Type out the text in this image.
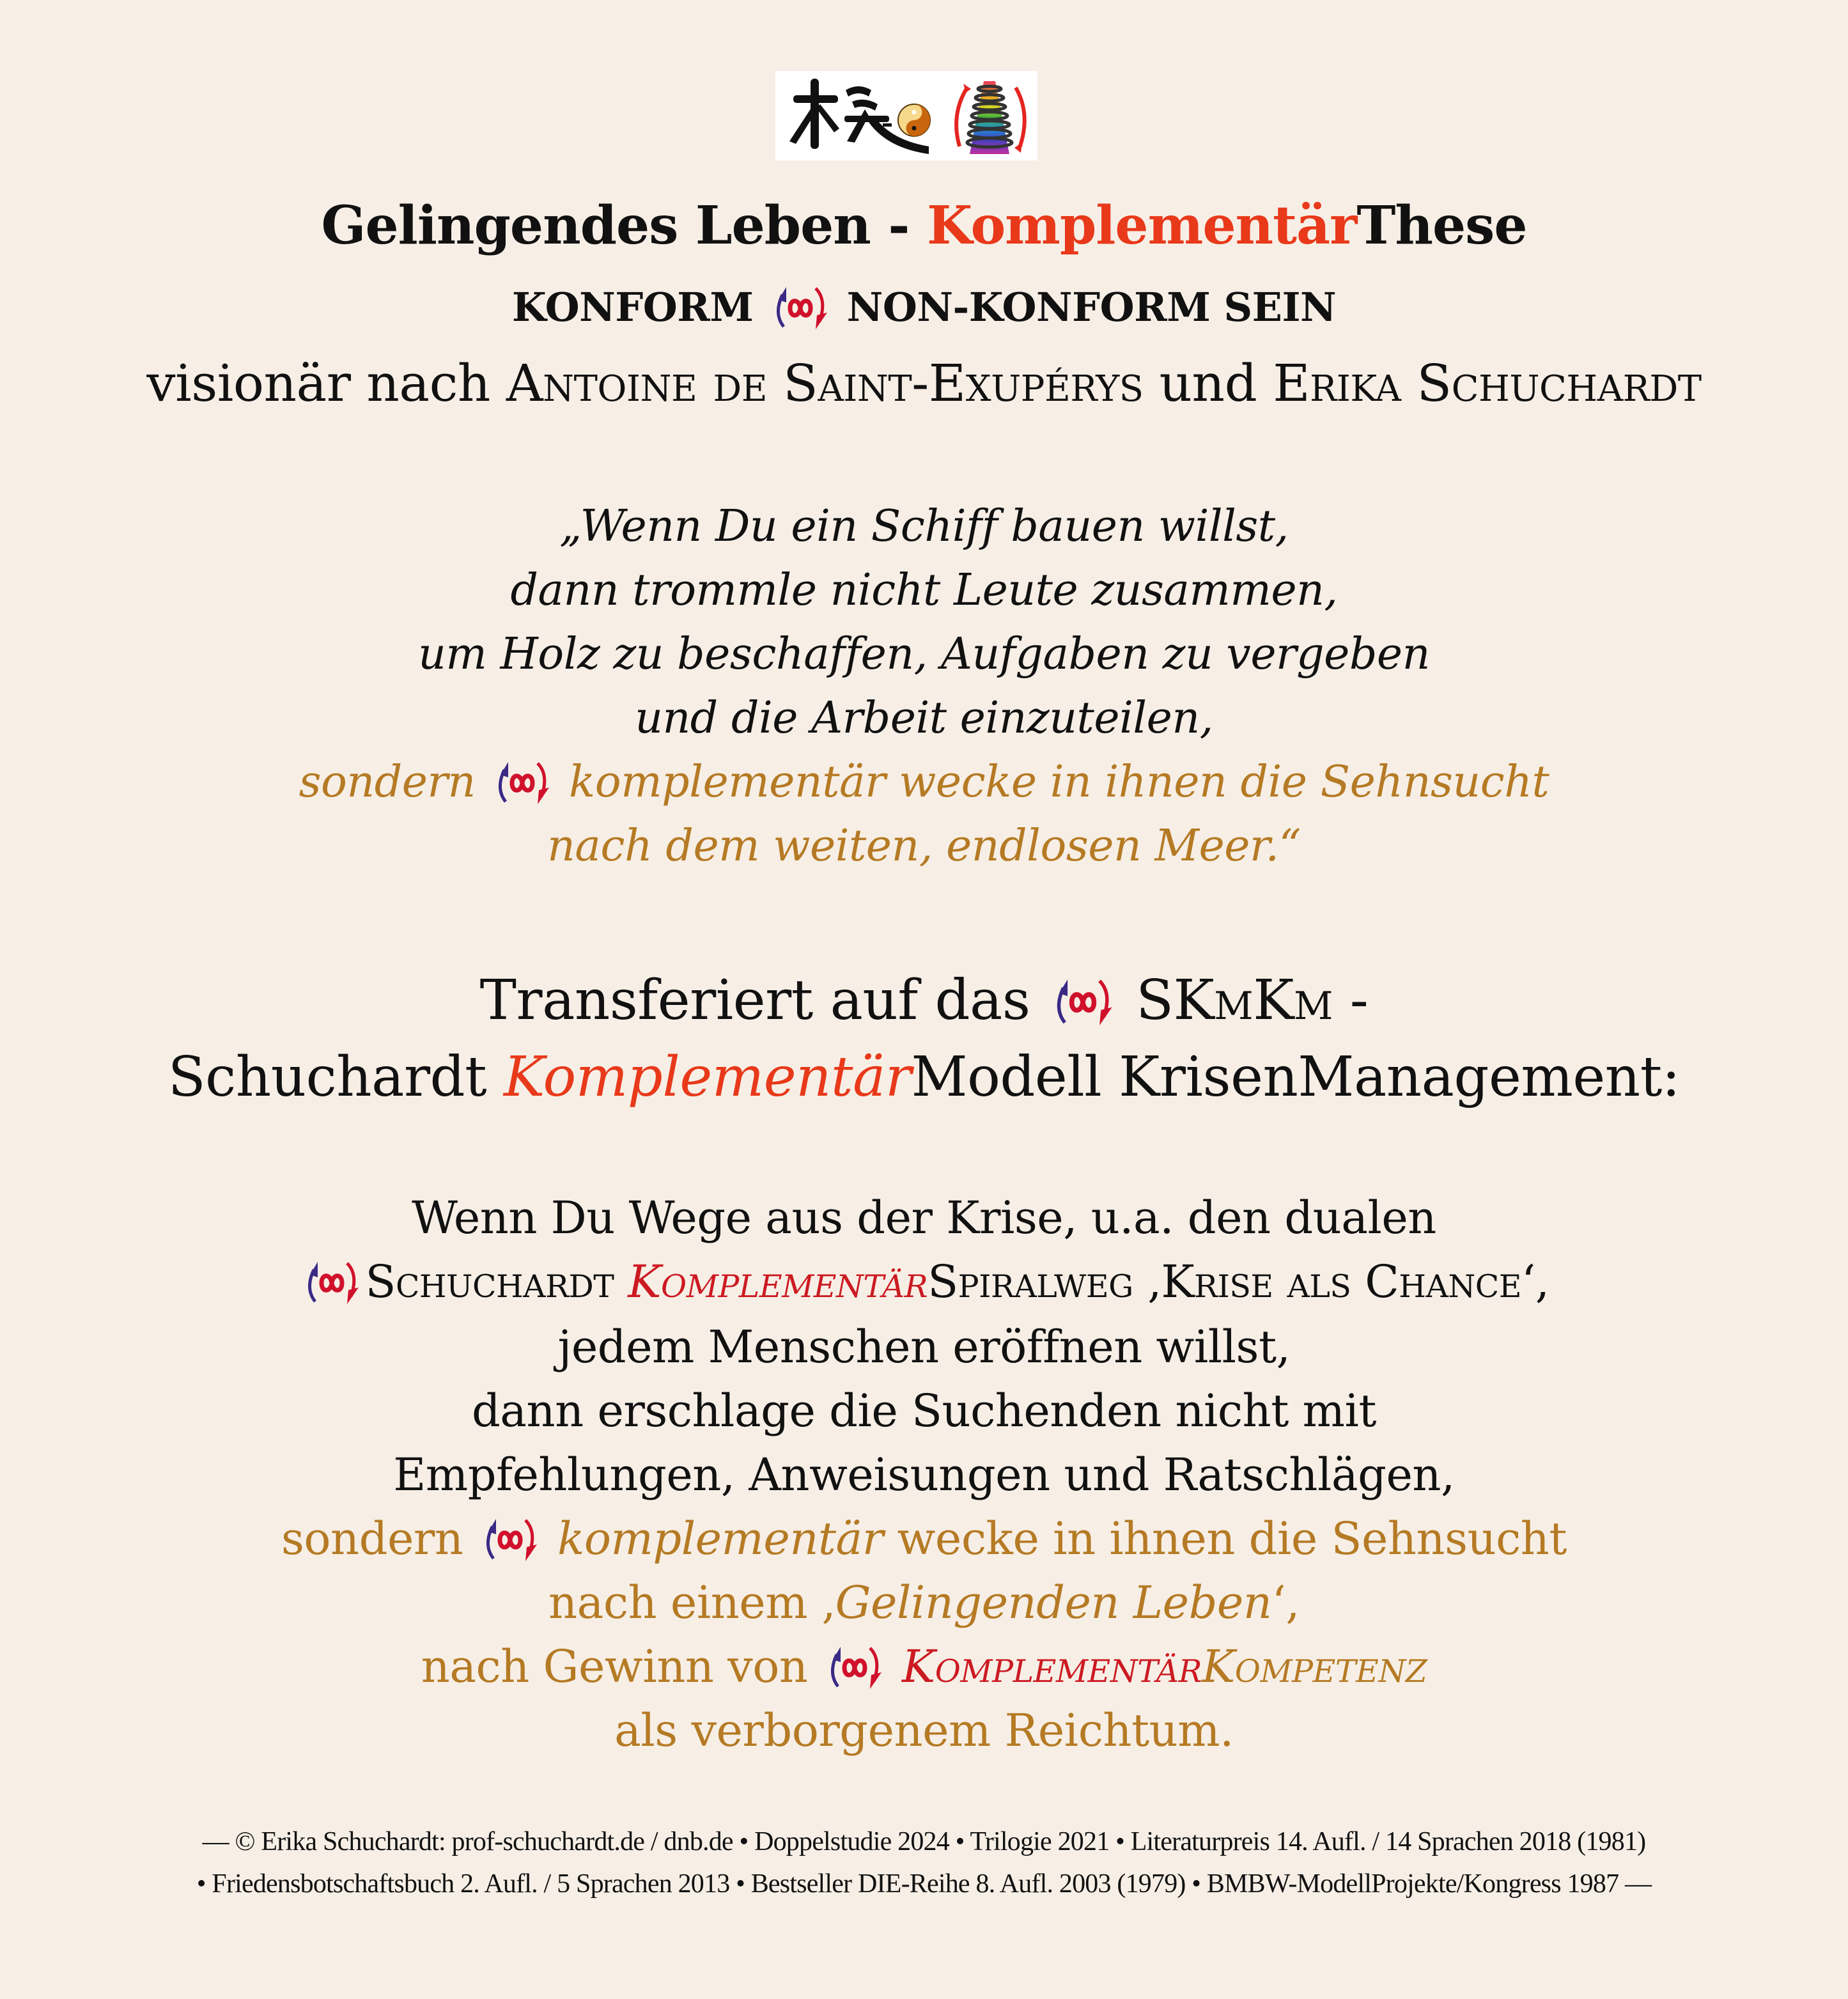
Gelingendes Leben - KomplementärThese
KONFORM NON-KONFORM SEIN
visionär nach Antoine de Saint-Exupérys und Erika Schuchardt
„Wenn Du ein Schiff bauen willst,
dann trommle nicht Leute zusammen,
um Holz zu beschaffen, Aufgaben zu vergeben
und die Arbeit einzuteilen,
sondern komplementär wecke in ihnen die Sehnsucht
nach dem weiten, endlosen Meer.“
Transferiert auf das SKmKm -
Schuchardt KomplementärModell KrisenManagement:
Wenn Du Wege aus der Krise, u.a. den dualen
Schuchardt KomplementärSpiralweg ‚Krise als Chance‘,
jedem Menschen eröffnen willst,
dann erschlage die Suchenden nicht mit
Empfehlungen, Anweisungen und Ratschlägen,
sondern komplementär wecke in ihnen die Sehnsucht
nach einem ‚Gelingenden Leben‘,
nach Gewinn von KomplementärKompetenz
als verborgenem Reichtum.
— © Erika Schuchardt: prof-schuchardt.de / dnb.de • Doppelstudie 2024 • Trilogie 2021 • Literaturpreis 14. Aufl. / 14 Sprachen 2018 (1981)
• Friedensbotschaftsbuch 2. Aufl. / 5 Sprachen 2013 • Bestseller DIE-Reihe 8. Aufl. 2003 (1979) • BMBW-ModellProjekte/Kongress 1987 —
